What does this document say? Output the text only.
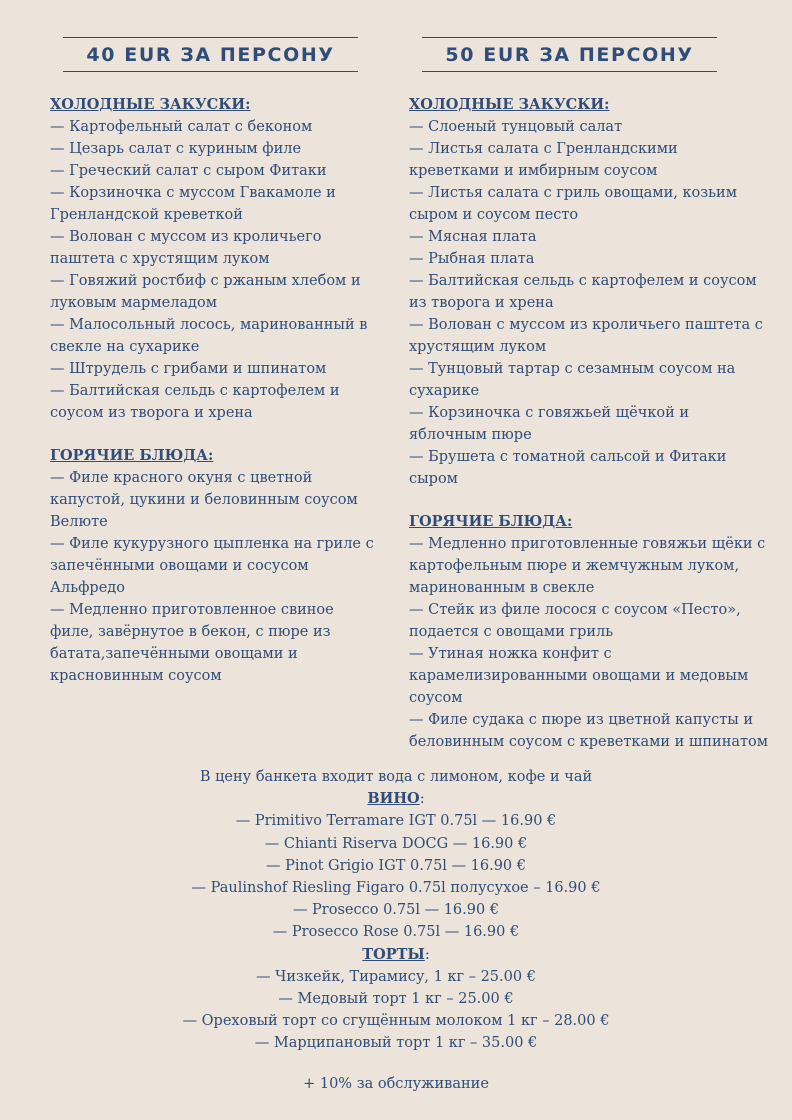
40 EUR ЗА ПЕРСОНУ	50 EUR ЗА ПЕРСОНУ
ХОЛОДНЫЕ ЗАКУСКИ:
— Картофельный салат с беконом
— Цезарь салат с куриным филе
— Греческий салат с сыром Фитаки
— Корзиночка с муссом Гвакамоле и Гренландской креветкой
— Волован с муссом из кроличьего паштета с хрустящим луком
— Говяжий ростбиф с ржаным хлебом и луковым мармеладом
— Малосольный лосось, маринованный в свекле на сухарике
— Штрудель с грибами и шпинатом
— Балтийская сельдь с картофелем и соусом из творога и хрена
ГОРЯЧИЕ БЛЮДА:
— Филе красного окуня с цветной капустой, цукини и беловинным соусом Велюте
— Филе кукурузного цыпленка на гриле с запечёнными овощами и сосусом Альфредо
— Медленно приготовленное свиное филе, завёрнутое в бекон, с пюре из батата,запечёнными овощами и красновинным соусом
ХОЛОДНЫЕ ЗАКУСКИ:
— Слоеный тунцовый салат
— Листья салата с Гренландскими креветками и имбирным соусом
— Листья салата с гриль овощами, козьим сыром и соусом песто
— Мясная плата
— Рыбная плата
— Балтийская сельдь с картофелем и соусом из творога и хрена
— Волован с муссом из кроличьего паштета с хрустящим луком
— Тунцовый тартар с сезамным соусом на сухарике
— Корзиночка с говяжьей щёчкой и яблочным пюре
— Брушета с томатной сальсой и Фитаки сыром
ГОРЯЧИЕ БЛЮДА:
— Медленно приготовленные говяжьи щёки с картофельным пюре и жемчужным луком, маринованным в свекле
— Стейк из филе лосося с соусом «Песто», подается с овощами гриль
— Утиная ножка конфит с карамелизированными овощами и медовым соусом
— Филе судака с пюре из цветной капусты и беловинным соусом с креветками и шпинатом
В цену банкета входит вода с лимоном, кофе и чай
ВИНО:
— Primitivo Terramare IGT 0.75l — 16.90 €
— Chianti Riserva DOCG — 16.90 €
— Pinot Grigio IGT 0.75l — 16.90 €
— Paulinshof Riesling Figaro 0.75l полусухое – 16.90 €
— Prosecco 0.75l — 16.90 €
— Prosecco Rose 0.75l — 16.90 €
ТОРТЫ:
— Чизкейк, Тирамису, 1 кг – 25.00 €
— Медовый торт 1 кг – 25.00 €
— Ореховый торт со сгущённым молоком 1 кг – 28.00 €
— Марципановый торт 1 кг – 35.00 €
+ 10% за обслуживание
